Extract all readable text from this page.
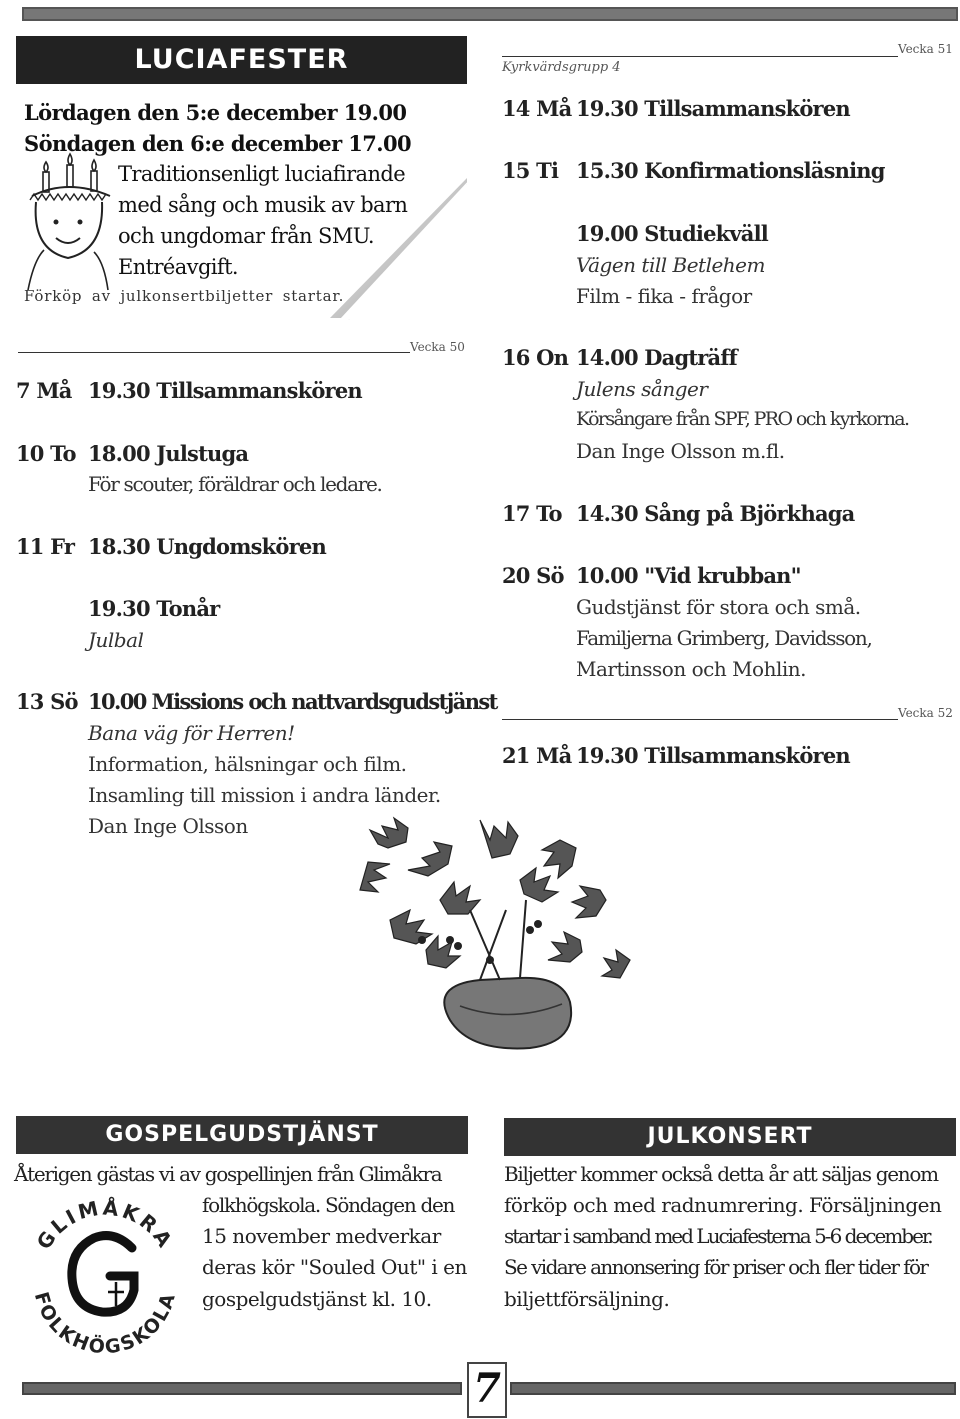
7
LUCIAFESTER
Lördagen den 5:e december 19.00
Söndagen den 6:e december 17.00
Traditionsenligt luciafirande
med sång och musik av barn
och ungdomar från SMU.
Entréavgift.
Förköp av julkonsertbiljetter startar.
Vecka 50
7 Må 19.30 Tillsammanskören
10 To 18.00 Julstuga
För scouter, föräldrar och ledare.
11 Fr 18.30 Ungdomskören
19.30 Tonår
Julbal
13 Sö 10.00 Missions och nattvardsgudstjänst
Bana väg för Herren!
Information, hälsningar och film.
Insamling till mission i andra länder.
Dan Inge Olsson
Vecka 51
Kyrkvärdsgrupp 4
14 Må 19.30 Tillsammanskören
15 Ti 15.30 Konfirmationsläsning
19.00 Studiekväll
Vägen till Betlehem
Film - fika - frågor
16 On 14.00 Dagträff
Julens sånger
Körsångare från SPF, PRO och kyrkorna.
Dan Inge Olsson m.fl.
17 To 14.30 Sång på Björkhaga
20 Sö 10.00 "Vid krubban"
Gudstjänst för stora och små.
Familjerna Grimberg, Davidsson,
Martinsson och Mohlin.
Vecka 52
21 Må 19.30 Tillsammanskören
GOSPELGUDSTJÄNST
Återigen gästas vi av gospellinjen från Glimåkra
folkhögskola. Söndagen den
15 november medverkar
deras kör "Souled Out" i en
gospelgudstjänst kl. 10.
GLIMÅKRA
FOLKHÖGSKOLA
JULKONSERT
Biljetter kommer också detta år att säljas genom
förköp och med radnumrering. Försäljningen
startar i samband med Luciafesterna 5-6 december.
Se vidare annonsering för priser och fler tider för
biljettförsäljning.
